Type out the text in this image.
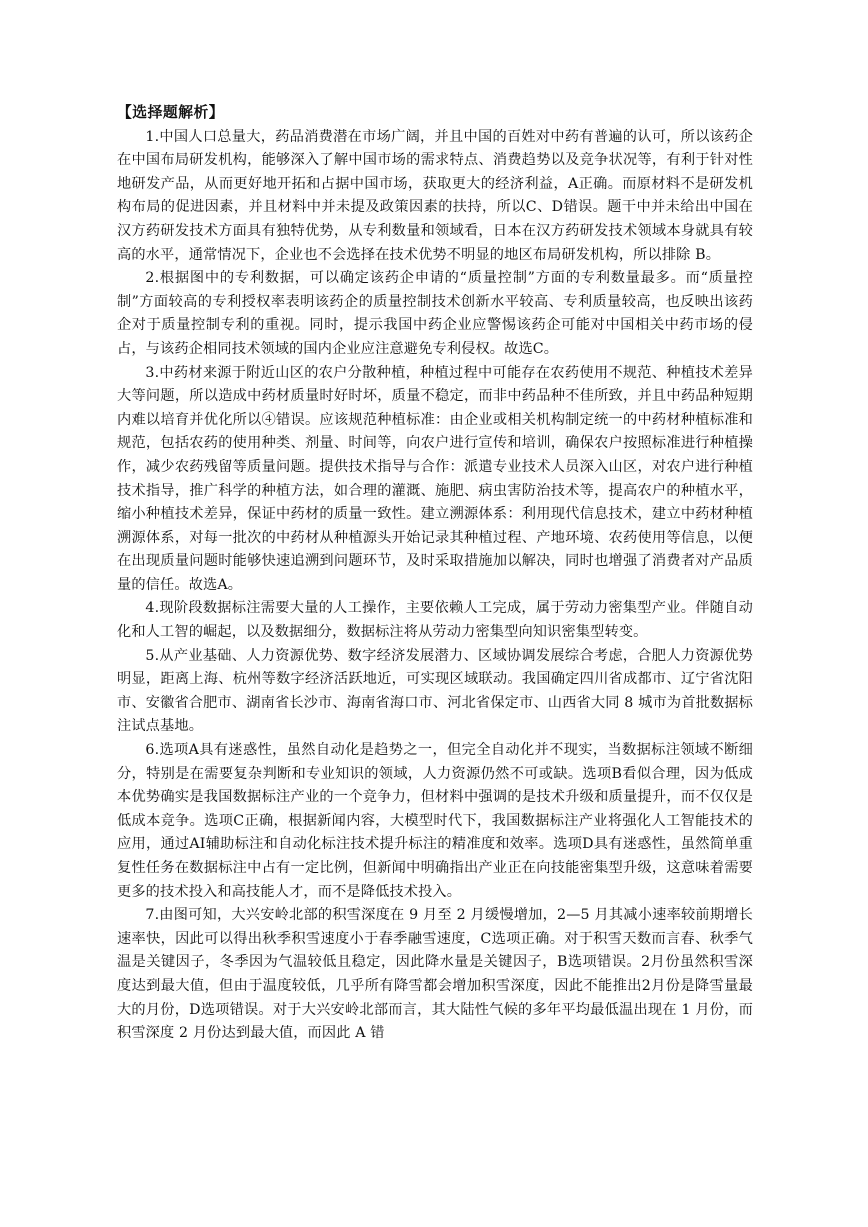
【选择题解析】

1.中国人口总量大，药品消费潜在市场广阔，并且中国的百姓对中药有普遍的认可，所以该药企在中国布局研发机构，能够深入了解中国市场的需求特点、消费趋势以及竞争状况等，有利于针对性地研发产品，从而更好地开拓和占据中国市场，获取更大的经济利益，A正确。而原材料不是研发机构布局的促进因素，并且材料中并未提及政策因素的扶持，所以C、D错误。题干中并未给出中国在汉方药研发技术方面具有独特优势，从专利数量和领域看，日本在汉方药研发技术领域本身就具有较高的水平，通常情况下，企业也不会选择在技术优势不明显的地区布局研发机构，所以排除 B。

2.根据图中的专利数据，可以确定该药企申请的“质量控制”方面的专利数量最多。而“质量控制”方面较高的专利授权率表明该药企的质量控制技术创新水平较高、专利质量较高，也反映出该药企对于质量控制专利的重视。同时，提示我国中药企业应警惕该药企可能对中国相关中药市场的侵占，与该药企相同技术领域的国内企业应注意避免专利侵权。故选C。

3.中药材来源于附近山区的农户分散种植，种植过程中可能存在农药使用不规范、种植技术差异大等问题，所以造成中药材质量时好时坏，质量不稳定，而非中药品种不佳所致，并且中药品种短期内难以培育并优化所以④错误。应该规范种植标准：由企业或相关机构制定统一的中药材种植标准和规范，包括农药的使用种类、剂量、时间等，向农户进行宣传和培训，确保农户按照标准进行种植操作，减少农药残留等质量问题。提供技术指导与合作：派遣专业技术人员深入山区，对农户进行种植技术指导，推广科学的种植方法，如合理的灌溉、施肥、病虫害防治技术等，提高农户的种植水平，缩小种植技术差异，保证中药材的质量一致性。建立溯源体系：利用现代信息技术，建立中药材种植溯源体系，对每一批次的中药材从种植源头开始记录其种植过程、产地环境、农药使用等信息，以便在出现质量问题时能够快速追溯到问题环节，及时采取措施加以解决，同时也增强了消费者对产品质量的信任。故选A。

4.现阶段数据标注需要大量的人工操作，主要依赖人工完成，属于劳动力密集型产业。伴随自动化和人工智的崛起，以及数据细分，数据标注将从劳动力密集型向知识密集型转变。

5.从产业基础、人力资源优势、数字经济发展潜力、区域协调发展综合考虑，合肥人力资源优势明显，距离上海、杭州等数字经济活跃地近，可实现区域联动。我国确定四川省成都市、辽宁省沈阳市、安徽省合肥市、湖南省长沙市、海南省海口市、河北省保定市、山西省大同 8 城市为首批数据标注试点基地。

6.选项A具有迷惑性，虽然自动化是趋势之一，但完全自动化并不现实，当数据标注领域不断细分，特别是在需要复杂判断和专业知识的领域，人力资源仍然不可或缺。选项B看似合理，因为低成本优势确实是我国数据标注产业的一个竞争力，但材料中强调的是技术升级和质量提升，而不仅仅是低成本竞争。选项C正确，根据新闻内容，大模型时代下，我国数据标注产业将强化人工智能技术的应用，通过AI辅助标注和自动化标注技术提升标注的精准度和效率。选项D具有迷惑性，虽然简单重复性任务在数据标注中占有一定比例，但新闻中明确指出产业正在向技能密集型升级，这意味着需要更多的技术投入和高技能人才，而不是降低技术投入。

7.由图可知，大兴安岭北部的积雪深度在 9 月至 2 月缓慢增加，2—5 月其减小速率较前期增长速率快，因此可以得出秋季积雪速度小于春季融雪速度，C选项正确。对于积雪天数而言春、秋季气温是关键因子，冬季因为气温较低且稳定，因此降水量是关键因子，B选项错误。2月份虽然积雪深度达到最大值，但由于温度较低，几乎所有降雪都会增加积雪深度，因此不能推出2月份是降雪量最大的月份，D选项错误。对于大兴安岭北部而言，其大陆性气候的多年平均最低温出现在 1 月份，而积雪深度 2 月份达到最大值，而因此 A 错
